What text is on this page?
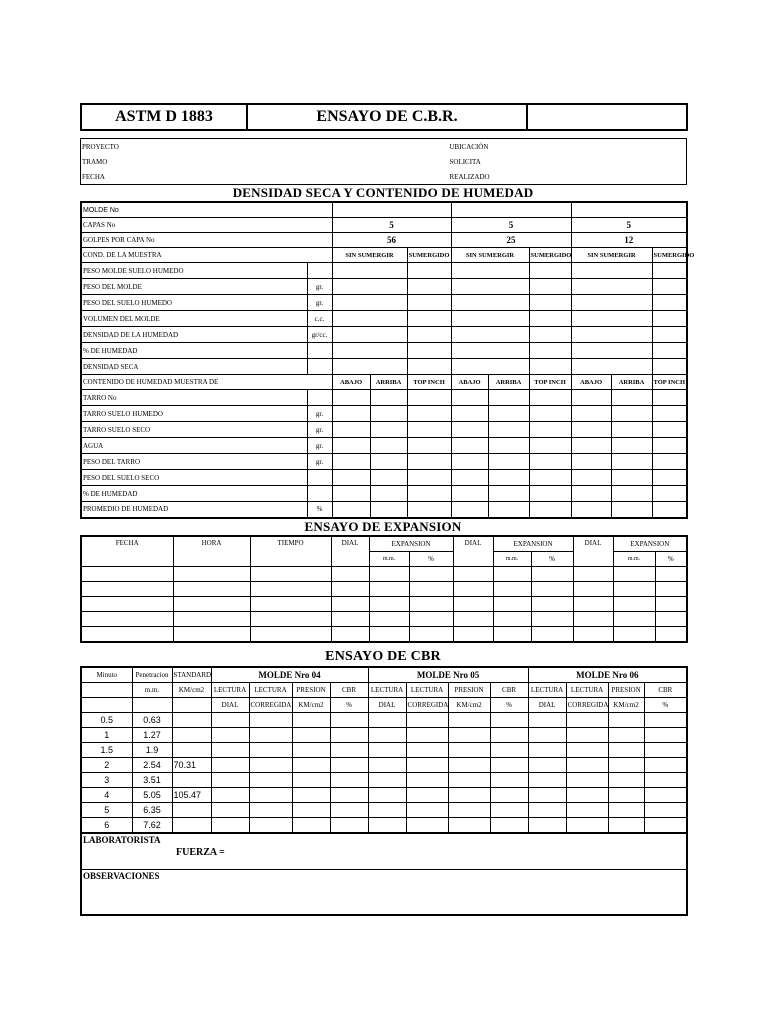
ASTM D 1883	ENSAYO DE C.B.R.	
PROYECTO	UBICACIÓN
TRAMO	SOLICITA
FECHA	REALIZADO
DENSIDAD SECA Y CONTENIDO DE HUMEDAD
MOLDE No										
CAPAS No		5			5			5		
GOLPES POR CAPA No		56			25			12		
COND. DE LA MUESTRA		SIN SUMERGIR		SUMERGIDO	SIN SUMERGIR		SUMERGIDO	SIN SUMERGIR		SUMERGIDO
PESO MOLDE SUELO HUMEDO										
PESO DEL MOLDE	gr.									
PESO DEL SUELO HUMEDO	gr.									
VOLUMEN DEL MOLDE	c.c.									
DENSIDAD DE LA HUMEDAD	gr/cc.									
% DE HUMEDAD										
DENSIDAD SECA										
CONTENIDO DE HUMEDAD MUESTRA DE		ABAJO	ARRIBA	TOP INCH	ABAJO	ARRIBA	TOP INCH	ABAJO	ARRIBA	TOP INCH
TARRO No										
TARRO SUELO HUMEDO	gr.									
TARRO SUELO SECO	gr.									
AGUA	gr.									
PESO DEL TARRO	gr.									
PESO DEL SUELO SECO										
% DE HUMEDAD										
PROMEDIO DE HUMEDAD	%									
ENSAYO DE EXPANSION
FECHA	HORA	TIEMPO	DIAL	EXPANSION		DIAL	EXPANSION		DIAL	EXPANSION	
				m.m.	%		m.m.	%		m.m.	%

ENSAYO DE CBR
Minuto	Penetracion	STANDARD	MOLDE Nro 04				MOLDE Nro 05				MOLDE Nro 06			
	m.m.	KM/cm2	LECTURA	LECTURA	PRESION	CBR	LECTURA	LECTURA	PRESION	CBR	LECTURA	LECTURA	PRESION	CBR
			DIAL	CORREGIDA	KM/cm2	%	DIAL	CORREGIDA	KM/cm2	%	DIAL	CORREGIDA	KM/cm2	%
0.5	0.63													
1	1.27													
1.5	1.9													
2	2.54	70.31												
3	3.51													
4	5.05	105.47												
5	6.35													
6	7.62													
LABORATORISTA
FUERZA =
OBSERVACIONES
